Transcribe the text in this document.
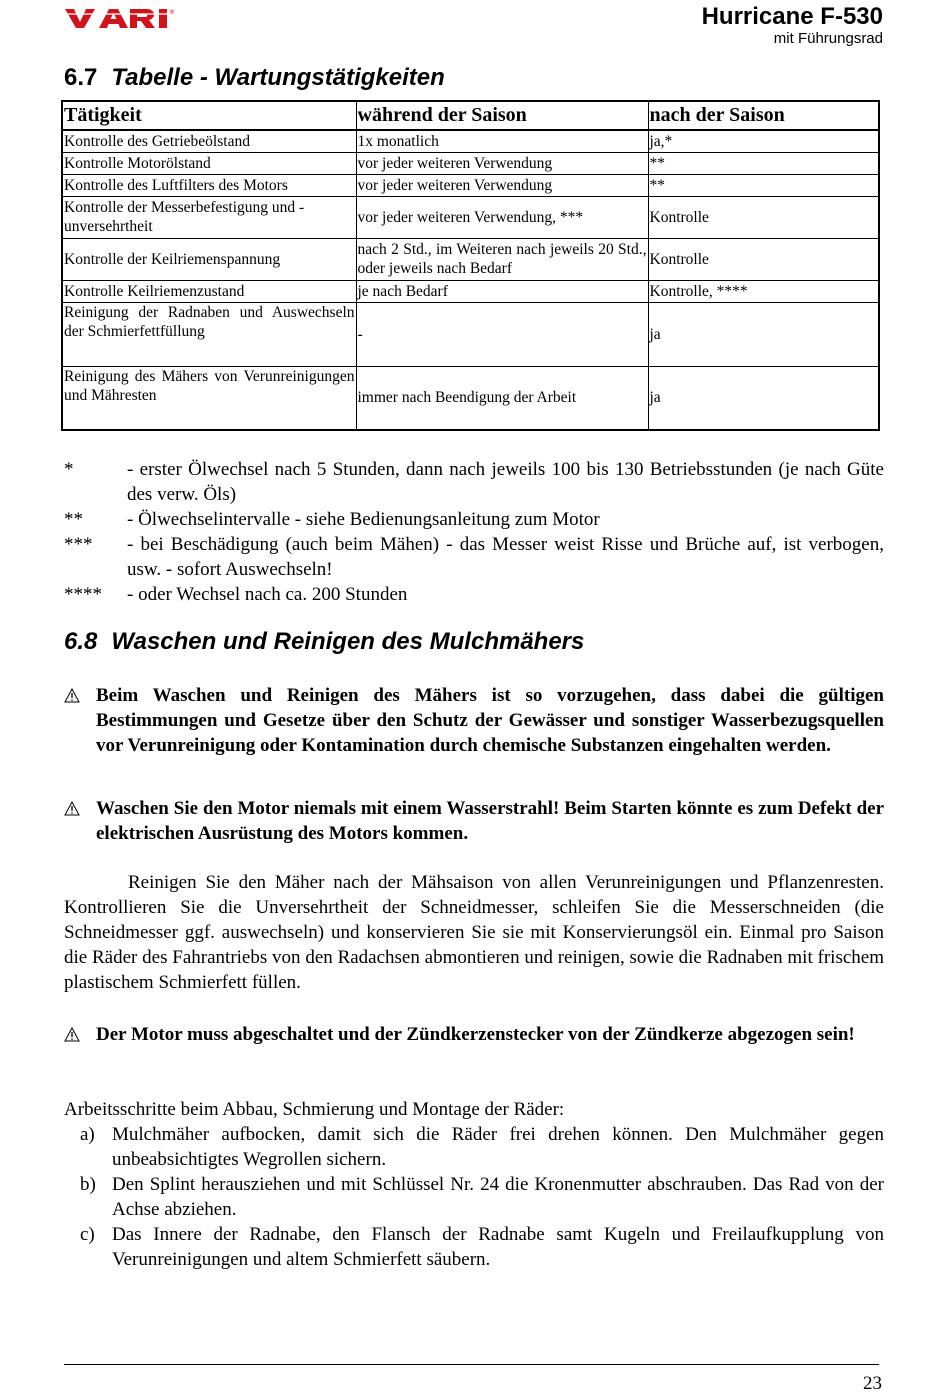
®	Hurricane F-530
mit Führungsrad
6.7 Tabelle - Wartungstätigkeiten
Tätigkeit	während der Saison	nach der Saison
Kontrolle des Getriebeölstand	1x monatlich	ja,*
Kontrolle Motorölstand	vor jeder weiteren Verwendung	**
Kontrolle des Luftfilters des Motors	vor jeder weiteren Verwendung	**
Kontrolle der Messerbefestigung und -unversehrtheit	vor jeder weiteren Verwendung, ***	Kontrolle
Kontrolle der Keilriemenspannung	nach 2 Std., im Weiteren nach jeweils 20 Std., oder jeweils nach Bedarf	Kontrolle
Kontrolle Keilriemenzustand	je nach Bedarf	Kontrolle, ****
Reinigung der Radnaben und Auswechseln der Schmierfettfüllung	-	ja
Reinigung des Mähers von Verunreinigungen und Mähresten	immer nach Beendigung der Arbeit	ja
*	- erster Ölwechsel nach 5 Stunden, dann nach jeweils 100 bis 130 Betriebsstunden (je nach Güte des verw. Öls)
**	- Ölwechselintervalle - siehe Bedienungsanleitung zum Motor
***	- bei Beschädigung (auch beim Mähen) - das Messer weist Risse und Brüche auf, ist verbogen, usw. - sofort Auswechseln!
****	- oder Wechsel nach ca. 200 Stunden
6.8 Waschen und Reinigen des Mulchmähers
Beim Waschen und Reinigen des Mähers ist so vorzugehen, dass dabei die gültigen Bestimmungen und Gesetze über den Schutz der Gewässer und sonstiger Wasserbezugsquellen vor Verunreinigung oder Kontamination durch chemische Substanzen eingehalten werden.
Waschen Sie den Motor niemals mit einem Wasserstrahl! Beim Starten könnte es zum Defekt der elektrischen Ausrüstung des Motors kommen.

Reinigen Sie den Mäher nach der Mähsaison von allen Verunreinigungen und Pflanzenresten. Kontrollieren Sie die Unversehrtheit der Schneidmesser, schleifen Sie die Messerschneiden (die Schneidmesser ggf. auswechseln) und konservieren Sie sie mit Konservierungsöl ein. Einmal pro Saison die Räder des Fahrantriebs von den Radachsen abmontieren und reinigen, sowie die Radnaben mit frischem plastischem Schmierfett füllen.

Der Motor muss abgeschaltet und der Zündkerzenstecker von der Zündkerze abgezogen sein!

Arbeitsschritte beim Abbau, Schmierung und Montage der Räder:

a) Mulchmäher aufbocken, damit sich die Räder frei drehen können. Den Mulchmäher gegen unbeabsichtigtes Wegrollen sichern.
b) Den Splint herausziehen und mit Schlüssel Nr. 24 die Kronenmutter abschrauben. Das Rad von der Achse abziehen.
c) Das Innere der Radnabe, den Flansch der Radnabe samt Kugeln und Freilaufkupplung von Verunreinigungen und altem Schmierfett säubern.
23
